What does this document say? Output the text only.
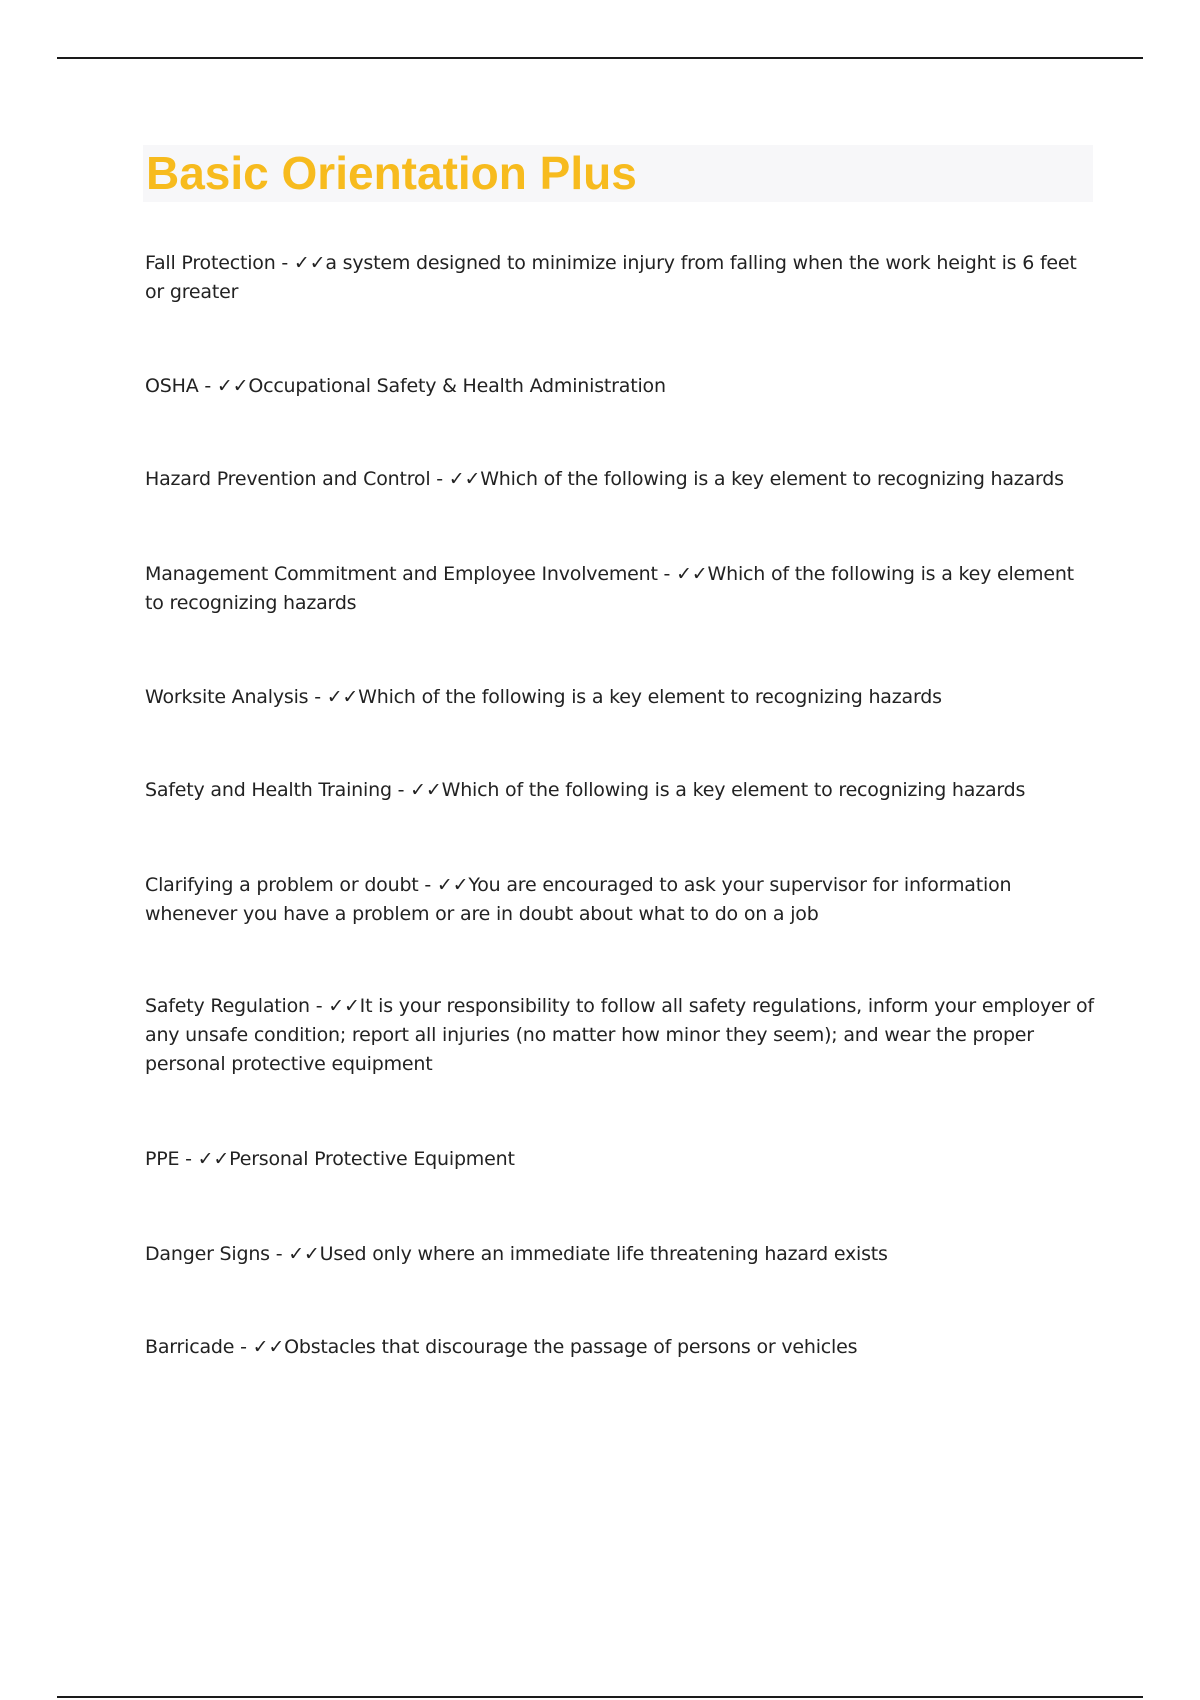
Basic Orientation Plus

Fall Protection - ✓✓a system designed to minimize injury from falling when the work height is 6 feet or greater

OSHA - ✓✓Occupational Safety & Health Administration

Hazard Prevention and Control - ✓✓Which of the following is a key element to recognizing hazards

Management Commitment and Employee Involvement - ✓✓Which of the following is a key element to recognizing hazards

Worksite Analysis - ✓✓Which of the following is a key element to recognizing hazards

Safety and Health Training - ✓✓Which of the following is a key element to recognizing hazards

Clarifying a problem or doubt - ✓✓You are encouraged to ask your supervisor for information whenever you have a problem or are in doubt about what to do on a job

Safety Regulation - ✓✓It is your responsibility to follow all safety regulations, inform your employer of any unsafe condition; report all injuries (no matter how minor they seem); and wear the proper personal protective equipment

PPE - ✓✓Personal Protective Equipment

Danger Signs - ✓✓Used only where an immediate life threatening hazard exists

Barricade - ✓✓Obstacles that discourage the passage of persons or vehicles
